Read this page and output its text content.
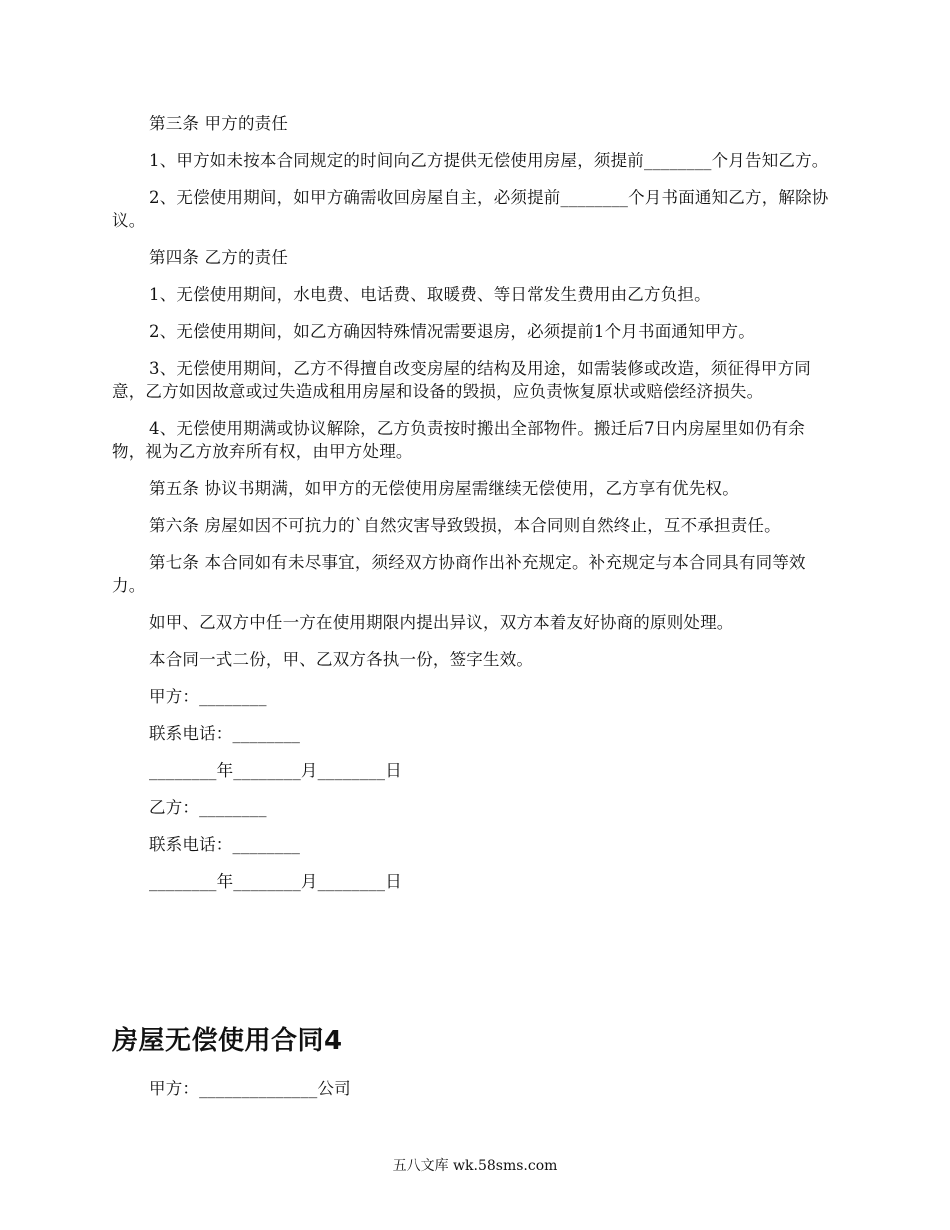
第三条 甲方的责任

1、甲方如未按本合同规定的时间向乙方提供无偿使用房屋，须提前________个月告知乙方。

2、无偿使用期间，如甲方确需收回房屋自主，必须提前________个月书面通知乙方，解除协议。

第四条 乙方的责任

1、无偿使用期间，水电费、电话费、取暖费、等日常发生费用由乙方负担。

2、无偿使用期间，如乙方确因特殊情况需要退房，必须提前1个月书面通知甲方。

3、无偿使用期间，乙方不得擅自改变房屋的结构及用途，如需装修或改造，须征得甲方同意，乙方如因故意或过失造成租用房屋和设备的毁损，应负责恢复原状或赔偿经济损失。

4、无偿使用期满或协议解除，乙方负责按时搬出全部物件。搬迁后7日内房屋里如仍有余物，视为乙方放弃所有权，由甲方处理。

第五条 协议书期满，如甲方的无偿使用房屋需继续无偿使用，乙方享有优先权。

第六条 房屋如因不可抗力的`自然灾害导致毁损，本合同则自然终止，互不承担责任。

第七条 本合同如有未尽事宜，须经双方协商作出补充规定。补充规定与本合同具有同等效力。

如甲、乙双方中任一方在使用期限内提出异议，双方本着友好协商的原则处理。

本合同一式二份，甲、乙双方各执一份，签字生效。

甲方：________

联系电话：________

________年________月________日

乙方：________

联系电话：________

________年________月________日

房屋无偿使用合同4

甲方：______________公司

五八文库 wk.58sms.com
